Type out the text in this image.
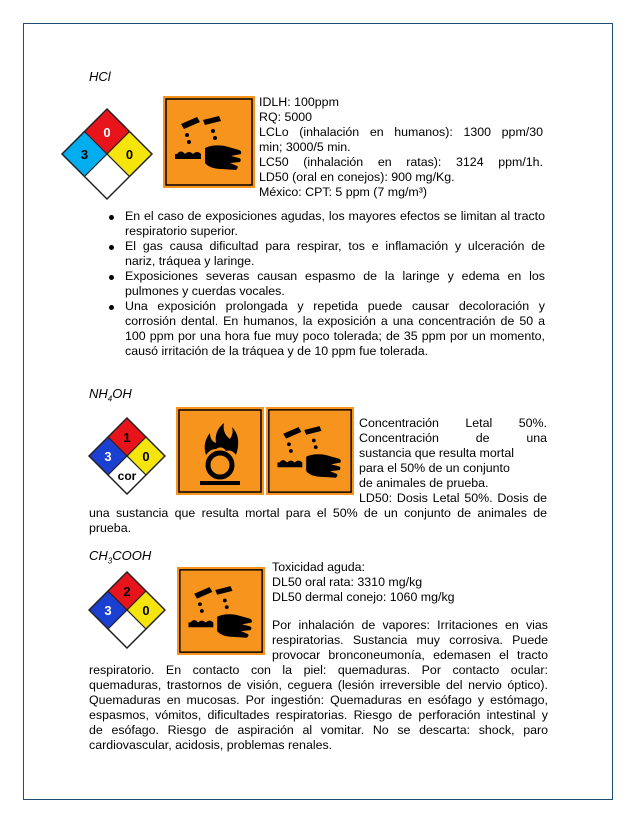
HCl
0
3	0
IDLH: 100ppm
RQ: 5000
LCLo (inhalación en humanos): 1300 ppm/30
min; 3000/5 min.
LC50 (inhalación en ratas): 3124 ppm/1h.
LD50 (oral en conejos): 900 mg/Kg.
México: CPT: 5 ppm (7 mg/m³)
En el caso de exposiciones agudas, los mayores efectos se limitan al tracto
respiratorio superior.
El gas causa dificultad para respirar, tos e inflamación y ulceración de
nariz, tráquea y laringe.
Exposiciones severas causan espasmo de la laringe y edema en los
pulmones y cuerdas vocales.
Una exposición prolongada y repetida puede causar decoloración y
corrosión dental. En humanos, la exposición a una concentración de 50 a
100 ppm por una hora fue muy poco tolerada; de 35 ppm por un momento,
causó irritación de la tráquea y de 10 ppm fue tolerada.
$NH_4OH$
1
3 0
cor
Concentración Letal 50%.
Concentración de una
sustancia que resulta mortal
para el 50% de un conjunto
de animales de prueba.
LD50: Dosis Letal 50%. Dosis de
una sustancia que resulta mortal para el 50% de un conjunto de animales de
prueba.
$CH_3COOH$
2
3 0
Toxicidad aguda:
DL50 oral rata: 3310 mg/kg
DL50 dermal conejo: 1060 mg/kg
Por inhalación de vapores: Irritaciones en vias
respiratorias. Sustancia muy corrosiva. Puede
provocar bronconeumonía, edemasen el tracto
respiratorio. En contacto con la piel: quemaduras. Por contacto ocular:
quemaduras, trastornos de visión, ceguera (lesión irreversible del nervio óptico).
Quemaduras en mucosas. Por ingestión: Quemaduras en esófago y estómago,
espasmos, vómitos, dificultades respiratorias. Riesgo de perforación intestinal y
de esófago. Riesgo de aspiración al vomitar. No se descarta: shock, paro
cardiovascular, acidosis, problemas renales.
